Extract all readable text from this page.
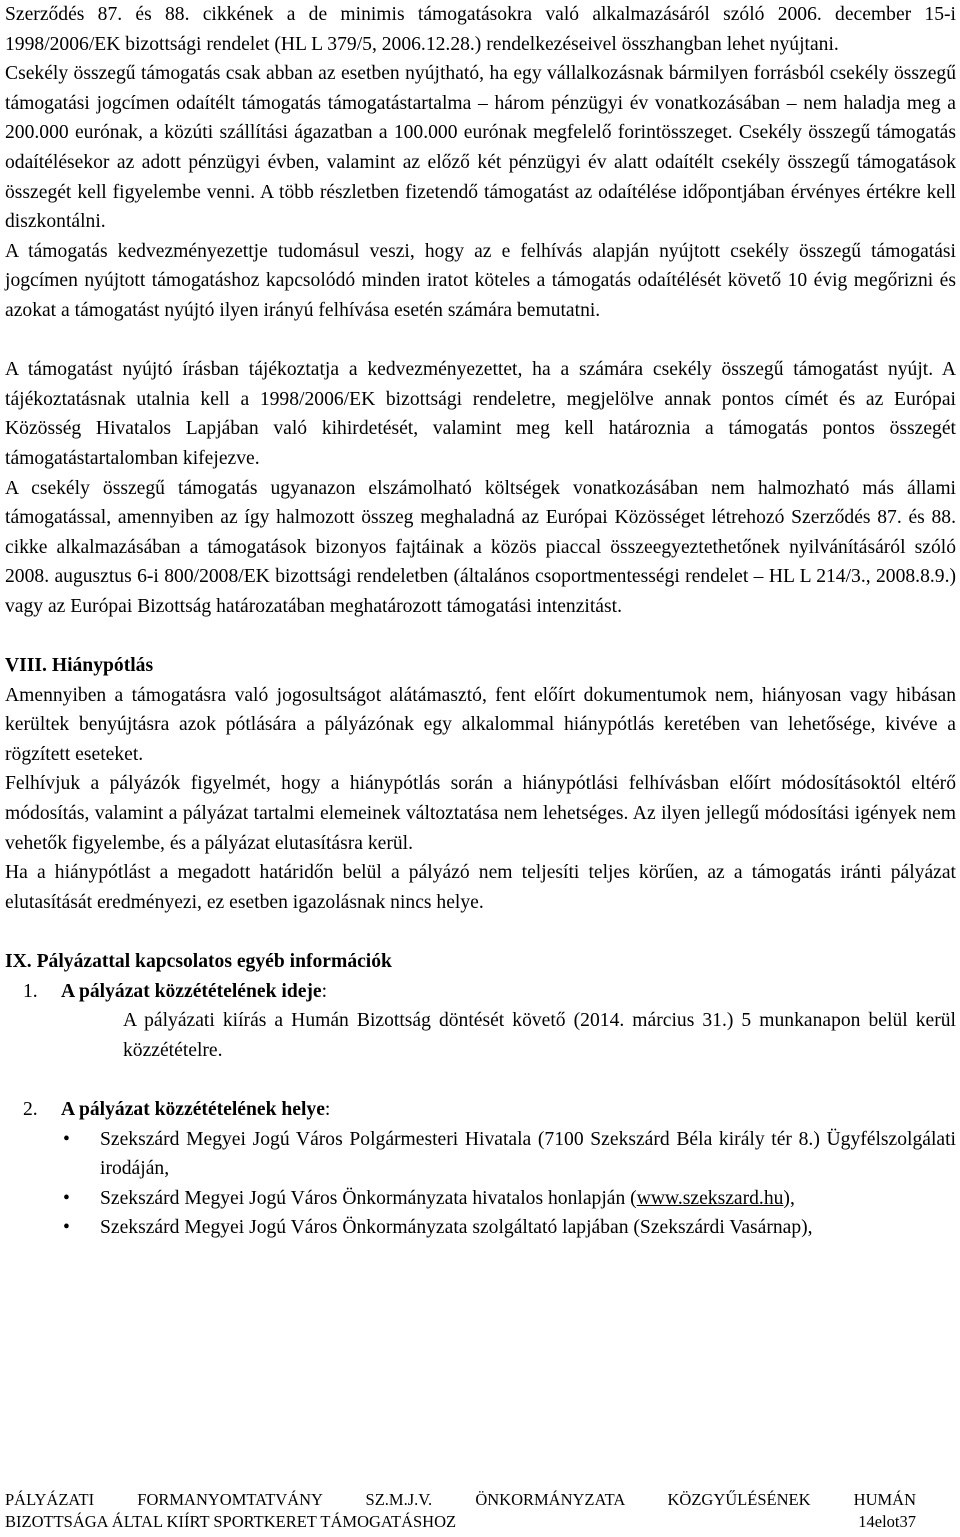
Szerződés 87. és 88. cikkének a de minimis támogatásokra való alkalmazásáról szóló 2006. december 15-i 1998/2006/EK bizottsági rendelet (HL L 379/5, 2006.12.28.) rendelkezéseivel összhangban lehet nyújtani.

Csekély összegű támogatás csak abban az esetben nyújtható, ha egy vállalkozásnak bármilyen forrásból csekély összegű támogatási jogcímen odaítélt támogatás támogatástartalma – három pénzügyi év vonatkozásában – nem haladja meg a 200.000 eurónak, a közúti szállítási ágazatban a 100.000 eurónak megfelelő forintösszeget. Csekély összegű támogatás odaítélésekor az adott pénzügyi évben, valamint az előző két pénzügyi év alatt odaítélt csekély összegű támogatások összegét kell figyelembe venni. A több részletben fizetendő támogatást az odaítélése időpontjában érvényes értékre kell diszkontálni.

A támogatás kedvezményezettje tudomásul veszi, hogy az e felhívás alapján nyújtott csekély összegű támogatási jogcímen nyújtott támogatáshoz kapcsolódó minden iratot köteles a támogatás odaítélését követő 10 évig megőrizni és azokat a támogatást nyújtó ilyen irányú felhívása esetén számára bemutatni.

A támogatást nyújtó írásban tájékoztatja a kedvezményezettet, ha a számára csekély összegű támogatást nyújt. A tájékoztatásnak utalnia kell a 1998/2006/EK bizottsági rendeletre, megjelölve annak pontos címét és az Európai Közösség Hivatalos Lapjában való kihirdetését, valamint meg kell határoznia a támogatás pontos összegét támogatástartalomban kifejezve.

A csekély összegű támogatás ugyanazon elszámolható költségek vonatkozásában nem halmozható más állami támogatással, amennyiben az így halmozott összeg meghaladná az Európai Közösséget létrehozó Szerződés 87. és 88. cikke alkalmazásában a támogatások bizonyos fajtáinak a közös piaccal összeegyeztethetőnek nyilvánításáról szóló 2008. augusztus 6-i 800/2008/EK bizottsági rendeletben (általános csoportmentességi rendelet – HL L 214/3., 2008.8.9.) vagy az Európai Bizottság határozatában meghatározott támogatási intenzitást.

VIII. Hiánypótlás

Amennyiben a támogatásra való jogosultságot alátámasztó, fent előírt dokumentumok nem, hiányosan vagy hibásan kerültek benyújtásra azok pótlására a pályázónak egy alkalommal hiánypótlás keretében van lehetősége, kivéve a rögzített eseteket.

Felhívjuk a pályázók figyelmét, hogy a hiánypótlás során a hiánypótlási felhívásban előírt módosításoktól eltérő módosítás, valamint a pályázat tartalmi elemeinek változtatása nem lehetséges. Az ilyen jellegű módosítási igények nem vehetők figyelembe, és a pályázat elutasításra kerül.

Ha a hiánypótlást a megadott határidőn belül a pályázó nem teljesíti teljes körűen, az a támogatás iránti pályázat elutasítását eredményezi, ez esetben igazolásnak nincs helye.

IX. Pályázattal kapcsolatos egyéb információk
1. A pályázat közzétételének ideje:
A pályázati kiírás a Humán Bizottság döntését követő (2014. március 31.) 5 munkanapon belül kerül közzétételre.
2. A pályázat közzétételének helye:
• Szekszárd Megyei Jogú Város Polgármesteri Hivatala (7100 Szekszárd Béla király tér 8.) Ügyfélszolgálati irodáján,
• Szekszárd Megyei Jogú Város Önkormányzata hivatalos honlapján (www.szekszard.hu),
• Szekszárd Megyei Jogú Város Önkormányzata szolgáltató lapjában (Szekszárdi Vasárnap),
PÁLYÁZATI FORMANYOMTATVÁNY SZ.M.J.V. ÖNKORMÁNYZATA KÖZGYŰLÉSÉNEK HUMÁN
BIZOTTSÁGA ÁLTAL KIÍRT SPORTKERET TÁMOGATÁSHOZ	14elot37
